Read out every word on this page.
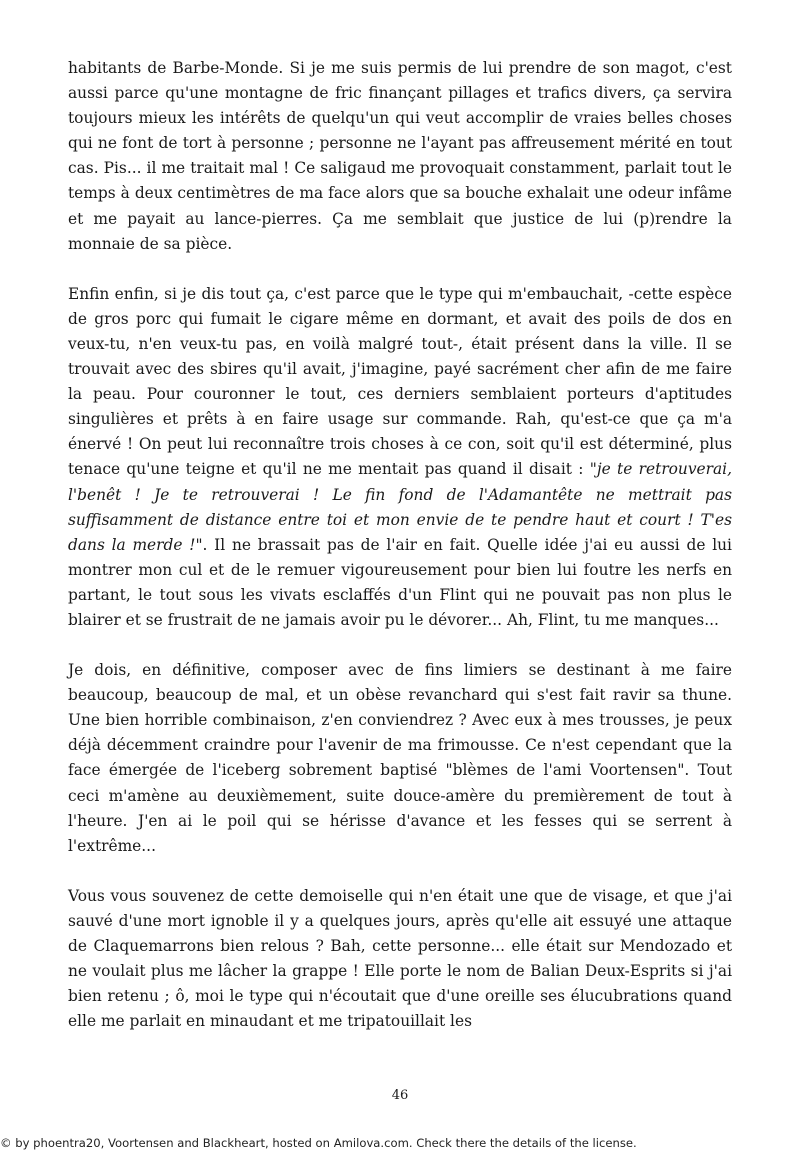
habitants de Barbe-Monde. Si je me suis permis de lui prendre de son magot, c'est aussi parce qu'une montagne de fric finançant pillages et trafics divers, ça servira toujours mieux les intérêts de quelqu'un qui veut accomplir de vraies belles choses qui ne font de tort à personne ; personne ne l'ayant pas affreusement mérité en tout cas. Pis... il me traitait mal ! Ce saligaud me provoquait constamment, parlait tout le temps à deux centimètres de ma face alors que sa bouche exhalait une odeur infâme et me payait au lance-pierres. Ça me semblait que justice de lui (p)rendre la monnaie de sa pièce.

Enfin enfin, si je dis tout ça, c'est parce que le type qui m'embauchait, -cette espèce de gros porc qui fumait le cigare même en dormant, et avait des poils de dos en veux-tu, n'en veux-tu pas, en voilà malgré tout-, était présent dans la ville. Il se trouvait avec des sbires qu'il avait, j'imagine, payé sacrément cher afin de me faire la peau. Pour couronner le tout, ces derniers semblaient porteurs d'aptitudes singulières et prêts à en faire usage sur commande. Rah, qu'est-ce que ça m'a énervé ! On peut lui reconnaître trois choses à ce con, soit qu'il est déterminé, plus tenace qu'une teigne et qu'il ne me mentait pas quand il disait : "je te retrouverai, l'benêt ! Je te retrouverai ! Le fin fond de l'Adamantête ne mettrait pas suffisamment de distance entre toi et mon envie de te pendre haut et court ! T'es dans la merde !". Il ne brassait pas de l'air en fait. Quelle idée j'ai eu aussi de lui montrer mon cul et de le remuer vigoureusement pour bien lui foutre les nerfs en partant, le tout sous les vivats esclaffés d'un Flint qui ne pouvait pas non plus le blairer et se frustrait de ne jamais avoir pu le dévorer... Ah, Flint, tu me manques...

Je dois, en définitive, composer avec de fins limiers se destinant à me faire beaucoup, beaucoup de mal, et un obèse revanchard qui s'est fait ravir sa thune. Une bien horrible combinaison, z'en conviendrez ? Avec eux à mes trousses, je peux déjà décemment craindre pour l'avenir de ma frimousse. Ce n'est cependant que la face émergée de l'iceberg sobrement baptisé "blèmes de l'ami Voortensen". Tout ceci m'amène au deuxièmement, suite douce-amère du premièrement de tout à l'heure. J'en ai le poil qui se hérisse d'avance et les fesses qui se serrent à l'extrême...

Vous vous souvenez de cette demoiselle qui n'en était une que de visage, et que j'ai sauvé d'une mort ignoble il y a quelques jours, après qu'elle ait essuyé une attaque de Claquemarrons bien relous ? Bah, cette personne... elle était sur Mendozado et ne voulait plus me lâcher la grappe ! Elle porte le nom de Balian Deux-Esprits si j'ai bien retenu ; ô, moi le type qui n'écoutait que d'une oreille ses élucubrations quand elle me parlait en minaudant et me tripatouillait les

46
© by phoentra20, Voortensen and Blackheart, hosted on Amilova.com. Check there the details of the license.
